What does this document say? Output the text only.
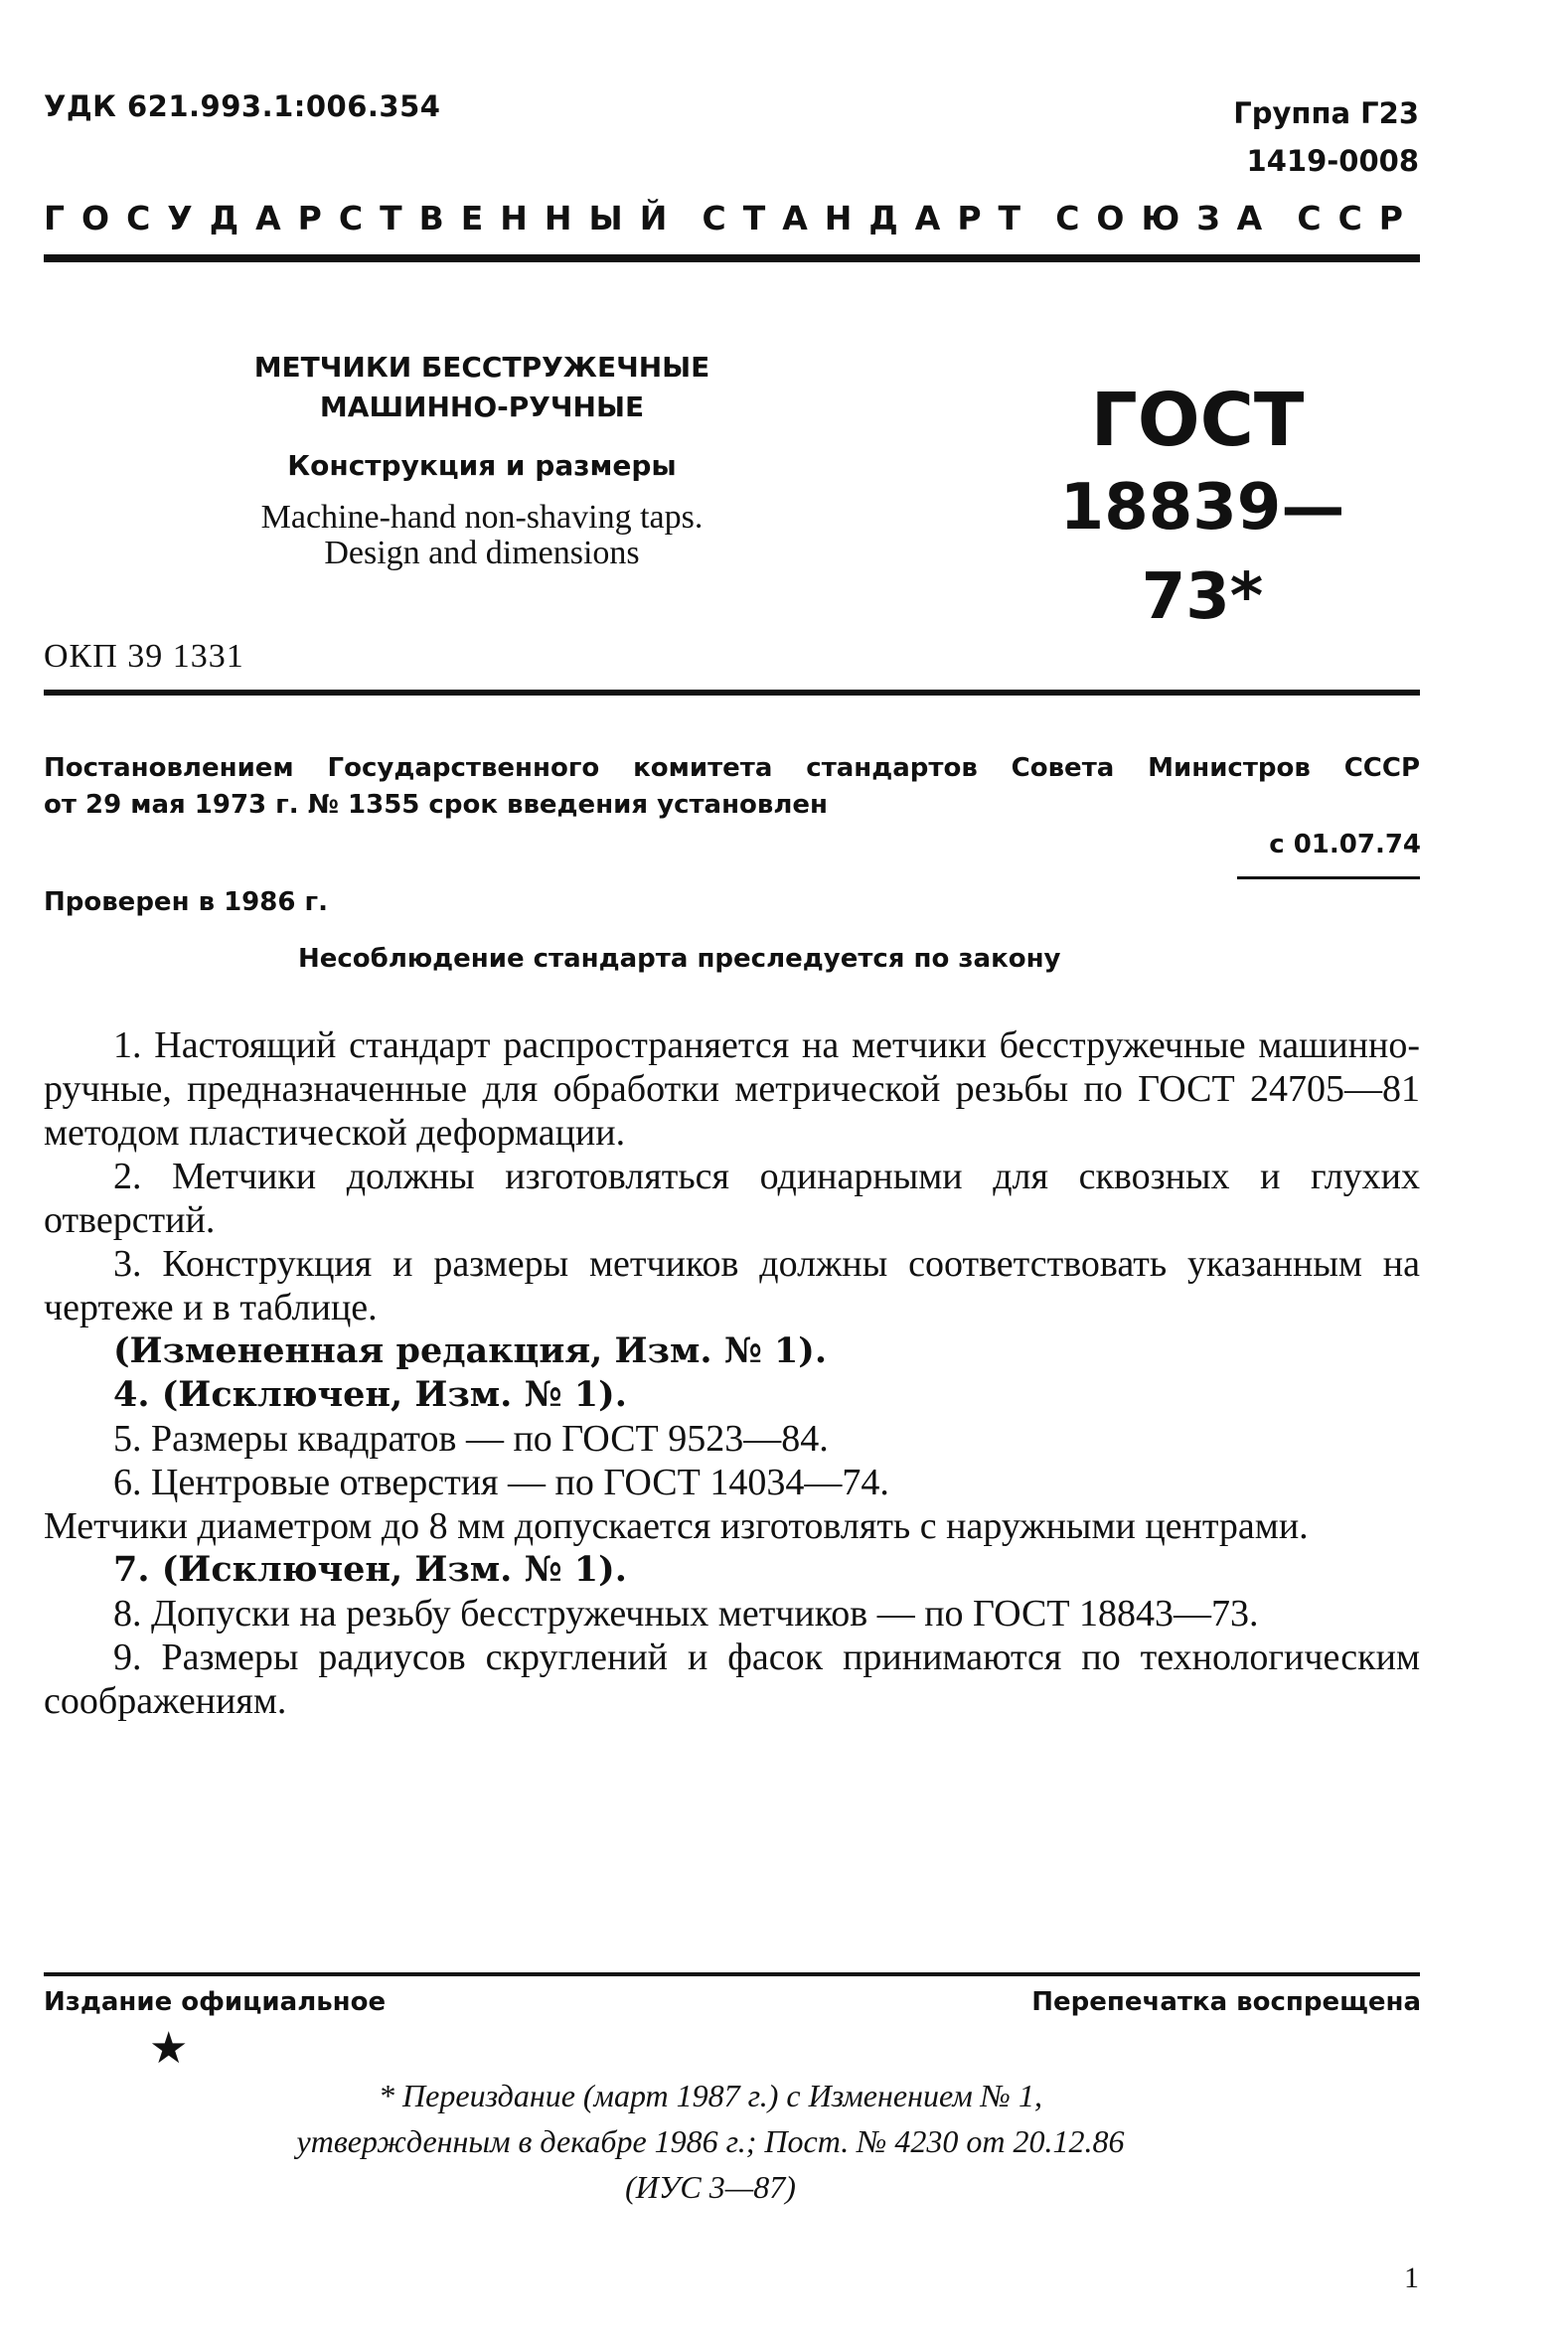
УДК 621.993.1:006.354	Группа Г23
1419-0008
ГОСУДАРСТВЕННЫЙ СТАНДАРТ СОЮЗА ССР
МЕТЧИКИ БЕССТРУЖЕЧНЫЕ
МАШИННО-РУЧНЫЕ
Конструкция и размеры
Machine-hand non-shaving taps.
Design and dimensions
ГОСТ
18839—73*
ОКП 39 1331
Постановлением Государственного комитета стандартов Совета Министров СССР
от 29 мая 1973 г. № 1355 срок введения установлен
с 01.07.74
Проверен в 1986 г.
Несоблюдение стандарта преследуется по закону

1. Настоящий стандарт распространяется на метчики бесстружечные машинно-ручные, предназначенные для обработки метрической резьбы по ГОСТ 24705—81 методом пластической деформации.

2. Метчики должны изготовляться одинарными для сквозных и глухих отверстий.

3. Конструкция и размеры метчиков должны соответствовать указанным на чертеже и в таблице.

(Измененная редакция, Изм. № 1).

4. (Исключен, Изм. № 1).

5. Размеры квадратов — по ГОСТ 9523—84.

6. Центровые отверстия — по ГОСТ 14034—74.

Метчики диаметром до 8 мм допускается изготовлять с наружными центрами.

7. (Исключен, Изм. № 1).

8. Допуски на резьбу бесстружечных метчиков — по ГОСТ 18843—73.

9. Размеры радиусов скруглений и фасок принимаются по технологическим соображениям.

Издание официальное	Перепечатка воспрещена
★
* Переиздание (март 1987 г.) с Изменением № 1,
утвержденным в декабре 1986 г.; Пост. № 4230 от 20.12.86
(ИУС 3—87)
1
